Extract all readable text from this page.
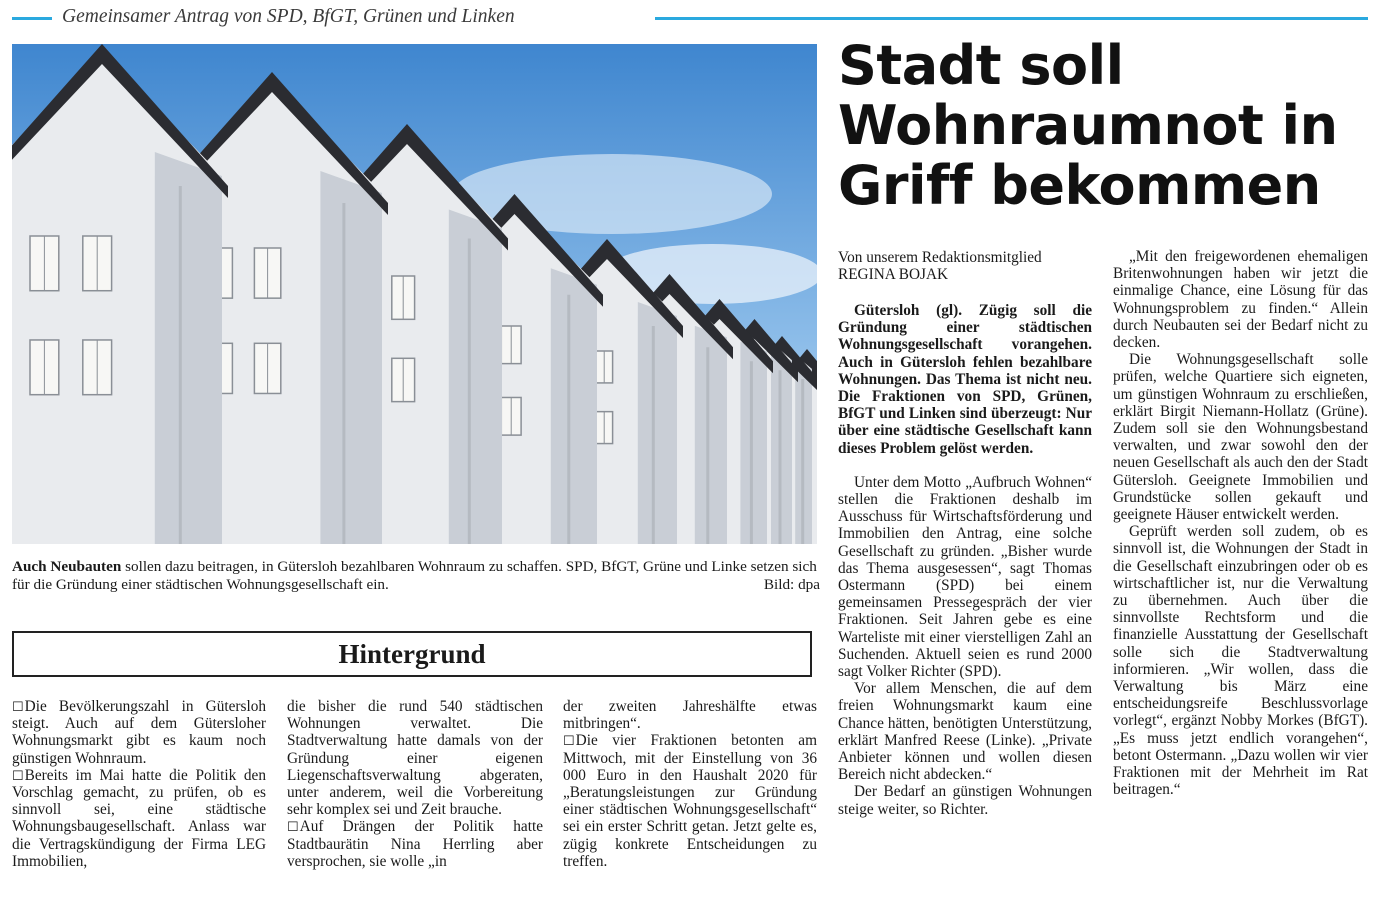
Gemeinsamer Antrag von SPD, BfGT, Grünen und Linken
Auch Neubauten sollen dazu beitragen, in Gütersloh bezahlbaren Wohnraum zu schaffen. SPD, BfGT, Grüne und Linke setzen sich für die Gründung einer städtischen Wohnungsgesellschaft ein.	Bild: dpa
Hintergrund

☐ Die Bevölkerungszahl in Gütersloh steigt. Auch auf dem Gütersloher Wohnungsmarkt gibt es kaum noch günstigen Wohnraum.

☐ Bereits im Mai hatte die Politik den Vorschlag gemacht, zu prüfen, ob es sinnvoll sei, eine städtische Wohnungsbaugesellschaft. Anlass war die Vertragskündigung der Firma LEG Immobilien,

die bisher die rund 540 städtischen Wohnungen verwaltet. Die Stadtverwaltung hatte damals von der Gründung einer eigenen Liegenschaftsverwaltung abgeraten, unter anderem, weil die Vorbereitung sehr komplex sei und Zeit brauche.

☐ Auf Drängen der Politik hatte Stadtbaurätin Nina Herrling aber versprochen, sie wolle „in

der zweiten Jahreshälfte etwas mitbringen“.

☐ Die vier Fraktionen betonten am Mittwoch, mit der Einstellung von 36 000 Euro in den Haushalt 2020 für „Beratungsleistungen zur Gründung einer städtischen Wohnungsgesellschaft“ sei ein erster Schritt getan. Jetzt gelte es, zügig konkrete Entscheidungen zu treffen.

Stadt soll Wohnraumnot in Griff bekommen
Von unserem Redaktionsmitglied
REGINA BOJAK

Gütersloh (gl). Zügig soll die Gründung einer städtischen Wohnungsgesellschaft vorangehen. Auch in Gütersloh fehlen bezahlbare Wohnungen. Das Thema ist nicht neu. Die Fraktionen von SPD, Grünen, BfGT und Linken sind überzeugt: Nur über eine städtische Gesellschaft kann dieses Problem gelöst werden.

Unter dem Motto „Aufbruch Wohnen“ stellen die Fraktionen deshalb im Ausschuss für Wirtschaftsförderung und Immobilien den Antrag, eine solche Gesellschaft zu gründen. „Bisher wurde das Thema ausgesessen“, sagt Thomas Ostermann (SPD) bei einem gemeinsamen Pressegespräch der vier Fraktionen. Seit Jahren gebe es eine Warteliste mit einer vierstelligen Zahl an Suchenden. Aktuell seien es rund 2000 sagt Volker Richter (SPD).

Vor allem Menschen, die auf dem freien Wohnungsmarkt kaum eine Chance hätten, benötigten Unterstützung, erklärt Manfred Reese (Linke). „Private Anbieter können und wollen diesen Bereich nicht abdecken.“

Der Bedarf an günstigen Wohnungen steige weiter, so Richter.

„Mit den freigewordenen ehemaligen Britenwohnungen haben wir jetzt die einmalige Chance, eine Lösung für das Wohnungsproblem zu finden.“ Allein durch Neubauten sei der Bedarf nicht zu decken.

Die Wohnungsgesellschaft solle prüfen, welche Quartiere sich eigneten, um günstigen Wohnraum zu erschließen, erklärt Birgit Niemann-Hollatz (Grüne). Zudem soll sie den Wohnungsbestand verwalten, und zwar sowohl den der neuen Gesellschaft als auch den der Stadt Gütersloh. Geeignete Immobilien und Grundstücke sollen gekauft und geeignete Häuser entwickelt werden.

Geprüft werden soll zudem, ob es sinnvoll ist, die Wohnungen der Stadt in die Gesellschaft einzubringen oder ob es wirtschaftlicher ist, nur die Verwaltung zu übernehmen. Auch über die sinnvollste Rechtsform und die finanzielle Ausstattung der Gesellschaft solle sich die Stadtverwaltung informieren. „Wir wollen, dass die Verwaltung bis März eine entscheidungsreife Beschlussvorlage vorlegt“, ergänzt Nobby Morkes (BfGT). „Es muss jetzt endlich vorangehen“, betont Ostermann. „Dazu wollen wir vier Fraktionen mit der Mehrheit im Rat beitragen.“
